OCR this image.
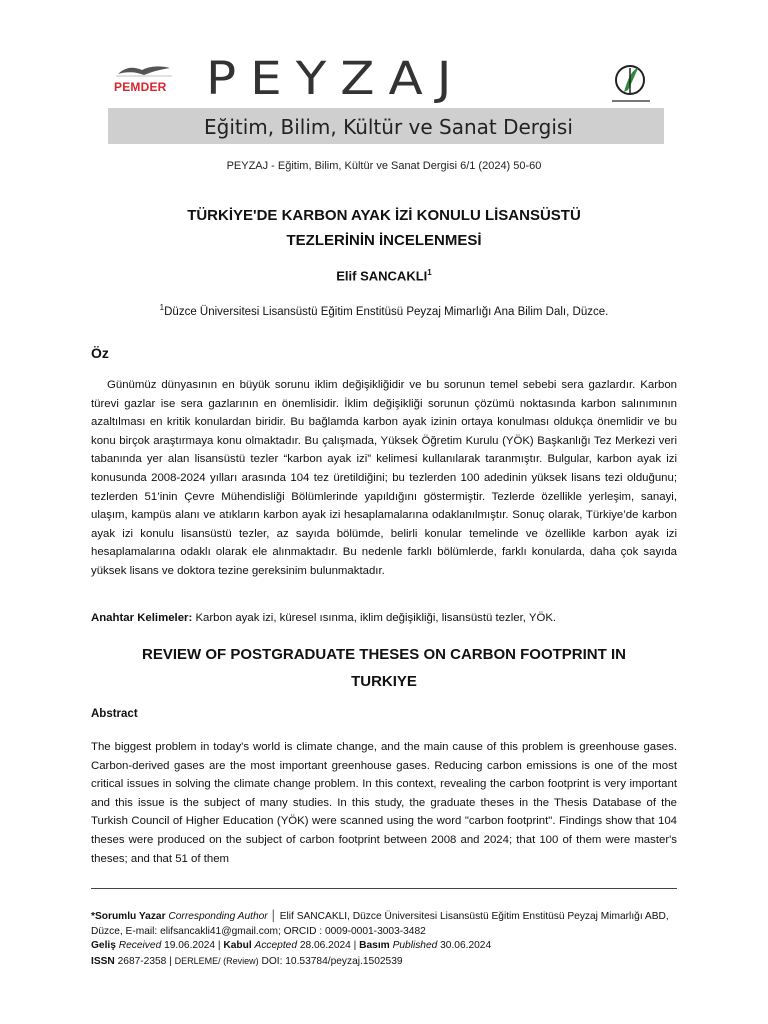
PEMDER PEYZAJ
Eğitim, Bilim, Kültür ve Sanat Dergisi
PEYZAJ - Eğitim, Bilim, Kültür ve Sanat Dergisi 6/1 (2024) 50-60
TÜRKİYE'DE KARBON AYAK İZİ KONULU LİSANSÜSTÜ
TEZLERİNİN İNCELENMESİ
Elif SANCAKLI$^1$
$^1$Düzce Üniversitesi Lisansüstü Eğitim Enstitüsü Peyzaj Mimarlığı Ana Bilim Dalı, Düzce.
Öz

Günümüz dünyasının en büyük sorunu iklim değişikliğidir ve bu sorunun temel sebebi sera gazlardır. Karbon türevi gazlar ise sera gazlarının en önemlisidir. İklim değişikliği sorunun çözümü noktasında karbon salınımının azaltılması en kritik konulardan biridir. Bu bağlamda karbon ayak izinin ortaya konulması oldukça önemlidir ve bu konu birçok araştırmaya konu olmaktadır. Bu çalışmada, Yüksek Öğretim Kurulu (YÖK) Başkanlığı Tez Merkezi veri tabanında yer alan lisansüstü tezler “karbon ayak izi” kelimesi kullanılarak taranmıştır. Bulgular, karbon ayak izi konusunda 2008-2024 yılları arasında 104 tez üretildiğini; bu tezlerden 100 adedinin yüksek lisans tezi olduğunu; tezlerden 51’inin Çevre Mühendisliği Bölümlerinde yapıldığını göstermiştir. Tezlerde özellikle yerleşim, sanayi, ulaşım, kampüs alanı ve atıkların karbon ayak izi hesaplamalarına odaklanılmıştır. Sonuç olarak, Türkiye’de karbon ayak izi konulu lisansüstü tezler, az sayıda bölümde, belirli konular temelinde ve özellikle karbon ayak izi hesaplamalarına odaklı olarak ele alınmaktadır. Bu nedenle farklı bölümlerde, farklı konularda, daha çok sayıda yüksek lisans ve doktora tezine gereksinim bulunmaktadır.

Anahtar Kelimeler: Karbon ayak izi, küresel ısınma, iklim değişikliği, lisansüstü tezler, YÖK.
REVIEW OF POSTGRADUATE THESES ON CARBON FOOTPRINT IN
TURKIYE
Abstract

The biggest problem in today's world is climate change, and the main cause of this problem is greenhouse gases. Carbon-derived gases are the most important greenhouse gases. Reducing carbon emissions is one of the most critical issues in solving the climate change problem. In this context, revealing the carbon footprint is very important and this issue is the subject of many studies. In this study, the graduate theses in the Thesis Database of the Turkish Council of Higher Education (YÖK) were scanned using the word "carbon footprint". Findings show that 104 theses were produced on the subject of carbon footprint between 2008 and 2024; that 100 of them were master's theses; and that 51 of them

*Sorumlu Yazar Corresponding Author │ Elif SANCAKLI, Düzce Üniversitesi Lisansüstü Eğitim Enstitüsü Peyzaj Mimarlığı ABD, Düzce, E-mail: elifsancakli41@gmail.com; ORCID : 0009-0001-3003-3482
Geliş Received 19.06.2024 | Kabul Accepted 28.06.2024 | Basım Published 30.06.2024
ISSN 2687-2358 | DERLEME/ (Review) DOI: 10.53784/peyzaj.1502539
